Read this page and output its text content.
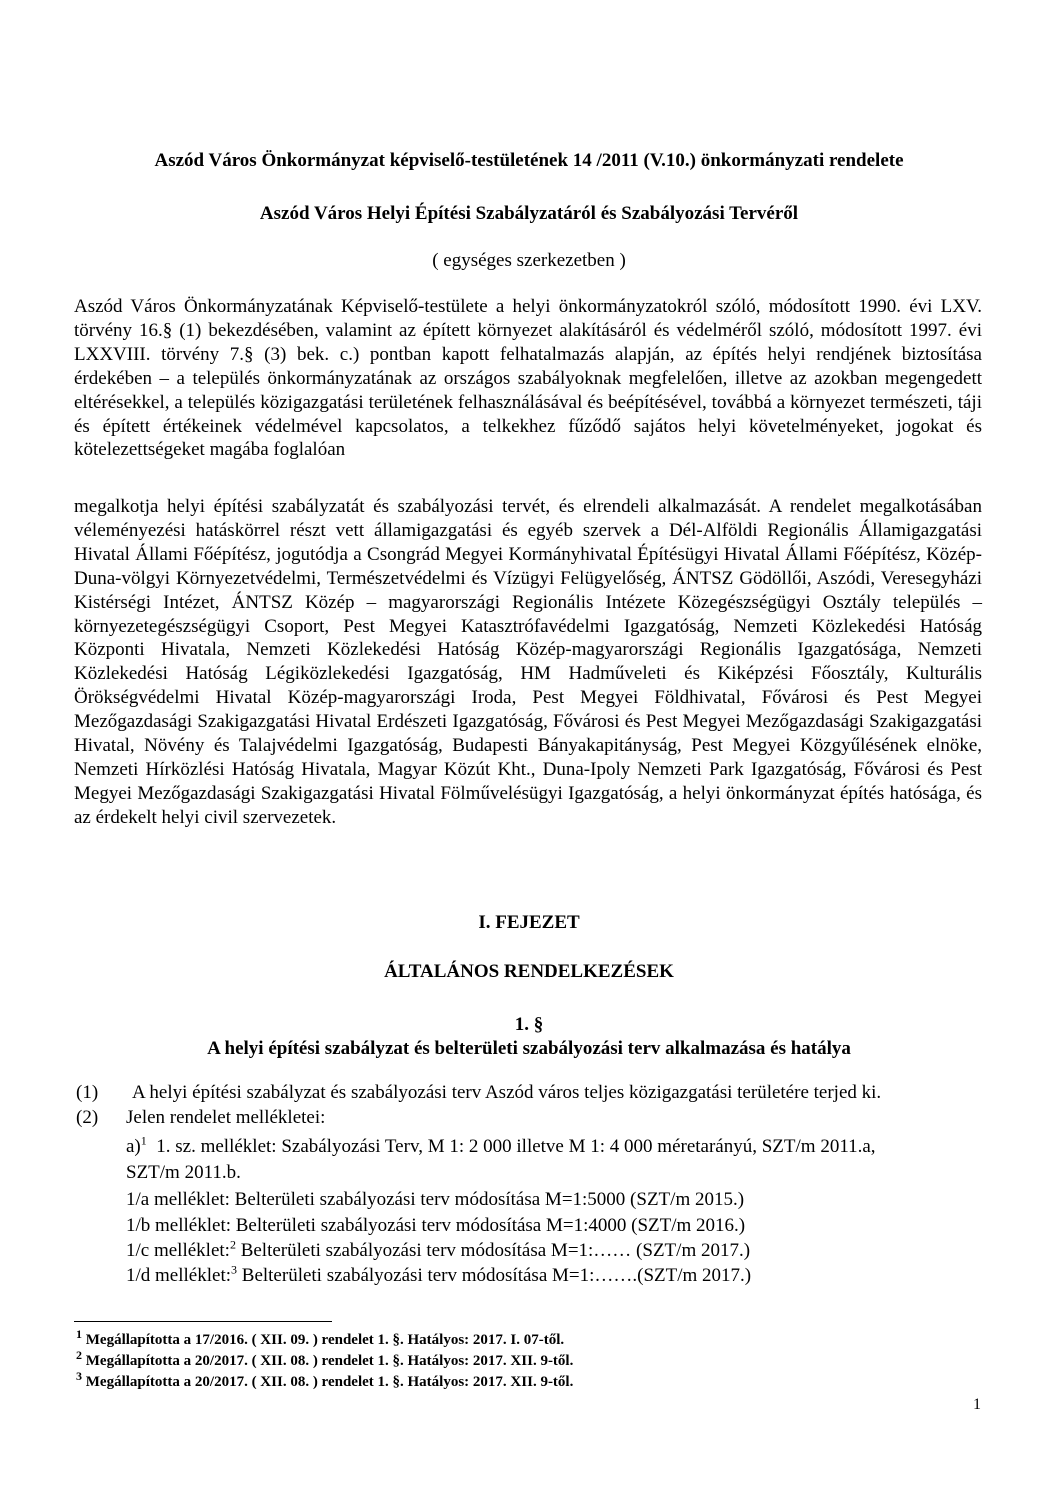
Aszód Város Önkormányzat képviselő-testületének 14 /2011 (V.10.) önkormányzati rendelete
Aszód Város Helyi Építési Szabályzatáról és Szabályozási Tervéről
( egységes szerkezetben )

Aszód Város Önkormányzatának Képviselő-testülete a helyi önkormányzatokról szóló, módosított 1990. évi LXV. törvény 16.§ (1) bekezdésében, valamint az épített környezet alakításáról és védelméről szóló, módosított 1997. évi LXXVIII. törvény 7.§ (3) bek. c.) pontban kapott felhatalmazás alapján, az építés helyi rendjének biztosítása érdekében – a település önkormányzatának az országos szabályoknak megfelelően, illetve az azokban megengedett eltérésekkel, a település közigazgatási területének felhasználásával és beépítésével, továbbá a környezet természeti, táji és épített értékeinek védelmével kapcsolatos, a telkekhez fűződő sajátos helyi követelményeket, jogokat és kötelezettségeket magába foglalóan

megalkotja helyi építési szabályzatát és szabályozási tervét, és elrendeli alkalmazását. A rendelet megalkotásában véleményezési hatáskörrel részt vett államigazgatási és egyéb szervek a Dél-Alföldi Regionális Államigazgatási Hivatal Állami Főépítész, jogutódja a Csongrád Megyei Kormányhivatal Építésügyi Hivatal Állami Főépítész, Közép-Duna-völgyi Környezetvédelmi, Természetvédelmi és Vízügyi Felügyelőség, ÁNTSZ Gödöllői, Aszódi, Veresegyházi Kistérségi Intézet, ÁNTSZ Közép – magyarországi Regionális Intézete Közegészségügyi Osztály település –környezetegészségügyi Csoport, Pest Megyei Katasztrófavédelmi Igazgatóság, Nemzeti Közlekedési Hatóság Központi Hivatala, Nemzeti Közlekedési Hatóság Közép-magyarországi Regionális Igazgatósága, Nemzeti Közlekedési Hatóság Légiközlekedési Igazgatóság, HM Hadműveleti és Kiképzési Főosztály, Kulturális Örökségvédelmi Hivatal Közép-magyarországi Iroda, Pest Megyei Földhivatal, Fővárosi és Pest Megyei Mezőgazdasági Szakigazgatási Hivatal Erdészeti Igazgatóság, Fővárosi és Pest Megyei Mezőgazdasági Szakigazgatási Hivatal, Növény és Talajvédelmi Igazgatóság, Budapesti Bányakapitányság, Pest Megyei Közgyűlésének elnöke, Nemzeti Hírközlési Hatóság Hivatala, Magyar Közút Kht., Duna-Ipoly Nemzeti Park Igazgatóság, Fővárosi és Pest Megyei Mezőgazdasági Szakigazgatási Hivatal Fölművelésügyi Igazgatóság, a helyi önkormányzat építés hatósága, és az érdekelt helyi civil szervezetek.

I. FEJEZET
ÁLTALÁNOS RENDELKEZÉSEK
1. §
A helyi építési szabályzat és belterületi szabályozási terv alkalmazása és hatálya
(1) A helyi építési szabályzat és szabályozási terv Aszód város teljes közigazgatási területére terjed ki.
(2) Jelen rendelet mellékletei:
a)$^1$ 1. sz. melléklet: Szabályozási Terv, M 1: 2 000 illetve M 1: 4 000 méretarányú, SZT/m 2011.a,
SZT/m 2011.b.
1/a melléklet: Belterületi szabályozási terv módosítása M=1:5000 (SZT/m 2015.)
1/b melléklet: Belterületi szabályozási terv módosítása M=1:4000 (SZT/m 2016.)
1/c melléklet:$^2$ Belterületi szabályozási terv módosítása M=1:…… (SZT/m 2017.)
1/d melléklet:$^3$ Belterületi szabályozási terv módosítása M=1:…….(SZT/m 2017.)
$^1$ Megállapította a 17/2016. ( XII. 09. ) rendelet 1. §. Hatályos: 2017. I. 07-től.
$^2$ Megállapította a 20/2017. ( XII. 08. ) rendelet 1. §. Hatályos: 2017. XII. 9-től.
$^3$ Megállapította a 20/2017. ( XII. 08. ) rendelet 1. §. Hatályos: 2017. XII. 9-től.
1
